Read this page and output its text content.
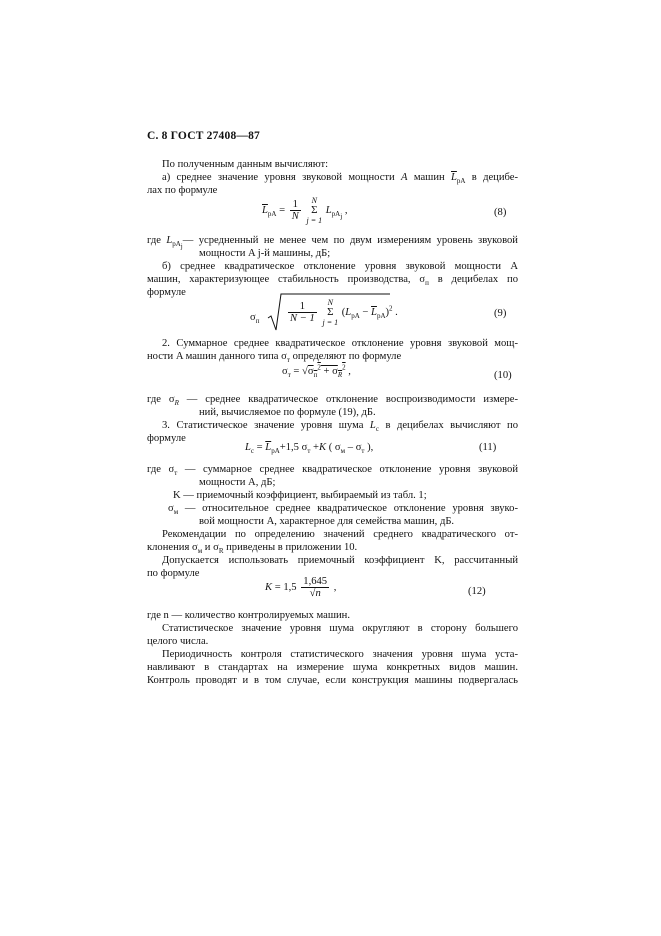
С. 8 ГОСТ 27408—87
По полученным данным вычисляют:
а) среднее значение уровня звуковой мощности A машин $\overline{L}_{pA}$ в децибе-
лах по формуле
$\overline{L}_{pA} = \frac{1}{N}$ N
Σ
j = 1 $L_{pA_j}$ ,	(8)
где $L_{pA_j}—$ усредненный не менее чем по двум измерениям уровень звуковой
мощности A j-й машины, дБ;
б) среднее квадратическое отклонение уровня звуковой мощности A
машин, характеризующее стабильность производства, $\sigma_п$ в децибелах по
формуле
$\sigma_п$	$\frac{1}{N - 1}$ N
Σ
j = 1 $(L_{pA} - \overline{L}_{pA})^2$ .	(9)
2. Суммарное среднее квадратическое отклонение уровня звуковой мощ-
ности A машин данного типа $\sigma_т$ определяют по формуле
$\sigma_т = √\sigma_п^2 + \sigma_R^2$ ,	(10)
где $\sigma_R$ — среднее квадратическое отклонение воспроизводимости измере-
ний, вычисляемое по формуле (19), дБ.
3. Статистическое значение уровня шума $L_с$ в децибелах вычисляют по
формуле
$L_с = \overline{L}_{pA}+1,5$ $\sigma_т +K$ ( $\sigma_м - \sigma_т$ ),	(11)
где $\sigma_т$ — суммарное среднее квадратическое отклонение уровня звуковой
мощности A, дБ;
K — приемочный коэффициент, выбираемый из табл. 1;
$\sigma_м$ — относительное среднее квадратическое отклонение уровня звуко-
вой мощности A, характерное для семейства машин, дБ.
Рекомендации по определению значений среднего квадратического от-
клонения $\sigma_м$ и $\sigma_R$ приведены в приложении 10.
Допускается использовать приемочный коэффициент K, рассчитанный
по формуле
$K = 1,5 \frac{1,645}{√n}$ ,	(12)
где n — количество контролируемых машин.
Статистическое значение уровня шума округляют в сторону большего
целого числа.
Периодичность контроля статистического значения уровня шума уста-
навливают в стандартах на измерение шума конкретных видов машин.
Контроль проводят и в том случае, если конструкция машины подвергалась
